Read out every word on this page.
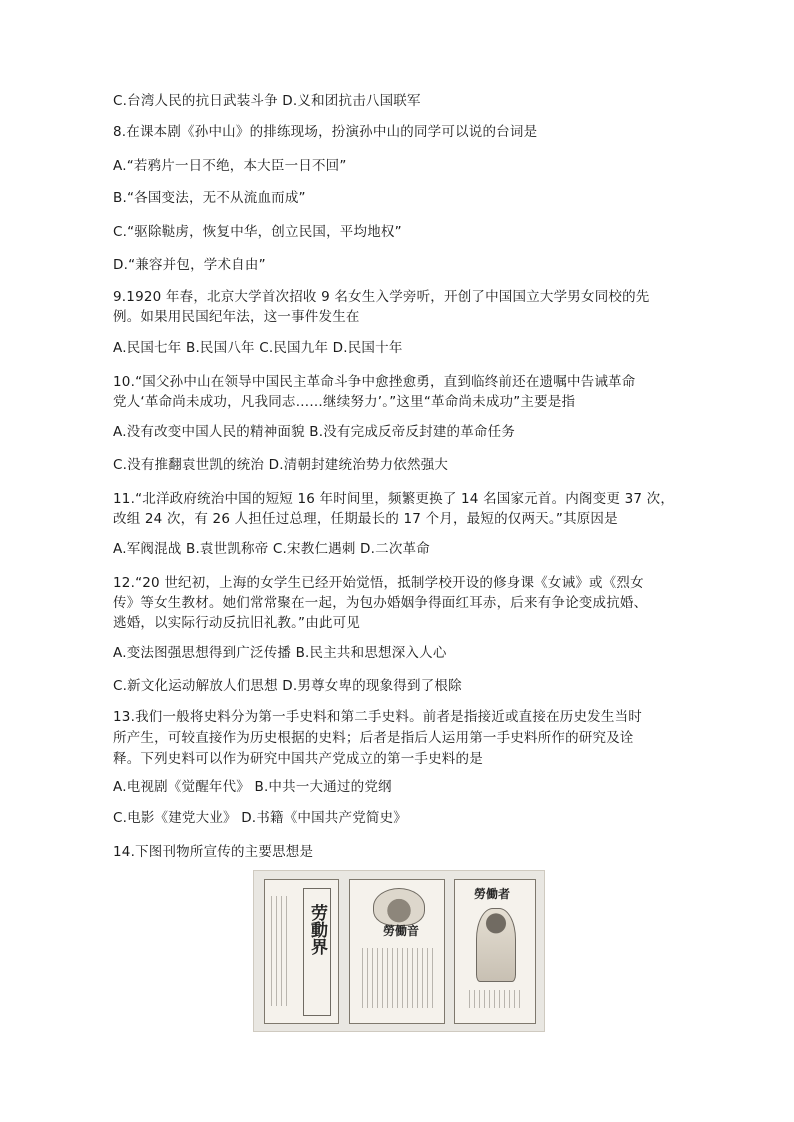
C.台湾人民的抗日武装斗争 D.义和团抗击八国联军
8.在课本剧《孙中山》的排练现场，扮演孙中山的同学可以说的台词是
A.“若鸦片一日不绝，本大臣一日不回”
B.“各国变法，无不从流血而成”
C.“驱除鞑虏，恢复中华，创立民国，平均地权”
D.“兼容并包，学术自由”
9.1920 年春，北京大学首次招收 9 名女生入学旁听，开创了中国国立大学男女同校的先
例。如果用民国纪年法，这一事件发生在
A.民国七年 B.民国八年 C.民国九年 D.民国十年
10.“国父孙中山在领导中国民主革命斗争中愈挫愈勇，直到临终前还在遗嘱中告诫革命
党人‘革命尚未成功，凡我同志……继续努力’。”这里“革命尚未成功”主要是指
A.没有改变中国人民的精神面貌 B.没有完成反帝反封建的革命任务
C.没有推翻袁世凯的统治 D.清朝封建统治势力依然强大
11.“北洋政府统治中国的短短 16 年时间里，频繁更换了 14 名国家元首。内阁变更 37 次，
改组 24 次，有 26 人担任过总理，任期最长的 17 个月，最短的仅两天。”其原因是
A.军阀混战 B.袁世凯称帝 C.宋教仁遇刺 D.二次革命
12.“20 世纪初，上海的女学生已经开始觉悟，抵制学校开设的修身课《女诫》或《烈女
传》等女生教材。她们常常聚在一起，为包办婚姻争得面红耳赤，后来有争论变成抗婚、
逃婚，以实际行动反抗旧礼教。”由此可见
A.变法图强思想得到广泛传播 B.民主共和思想深入人心
C.新文化运动解放人们思想 D.男尊女卑的现象得到了根除
13.我们一般将史料分为第一手史料和第二手史料。前者是指接近或直接在历史发生当时
所产生，可较直接作为历史根据的史料；后者是指后人运用第一手史料所作的研究及诠
释。下列史料可以作为研究中国共产党成立的第一手史料的是
A.电视剧《觉醒年代》 B.中共一大通过的党纲
C.电影《建党大业》 D.书籍《中国共产党简史》
14.下图刊物所宣传的主要思想是
劳動界	勞働音
勞働者
